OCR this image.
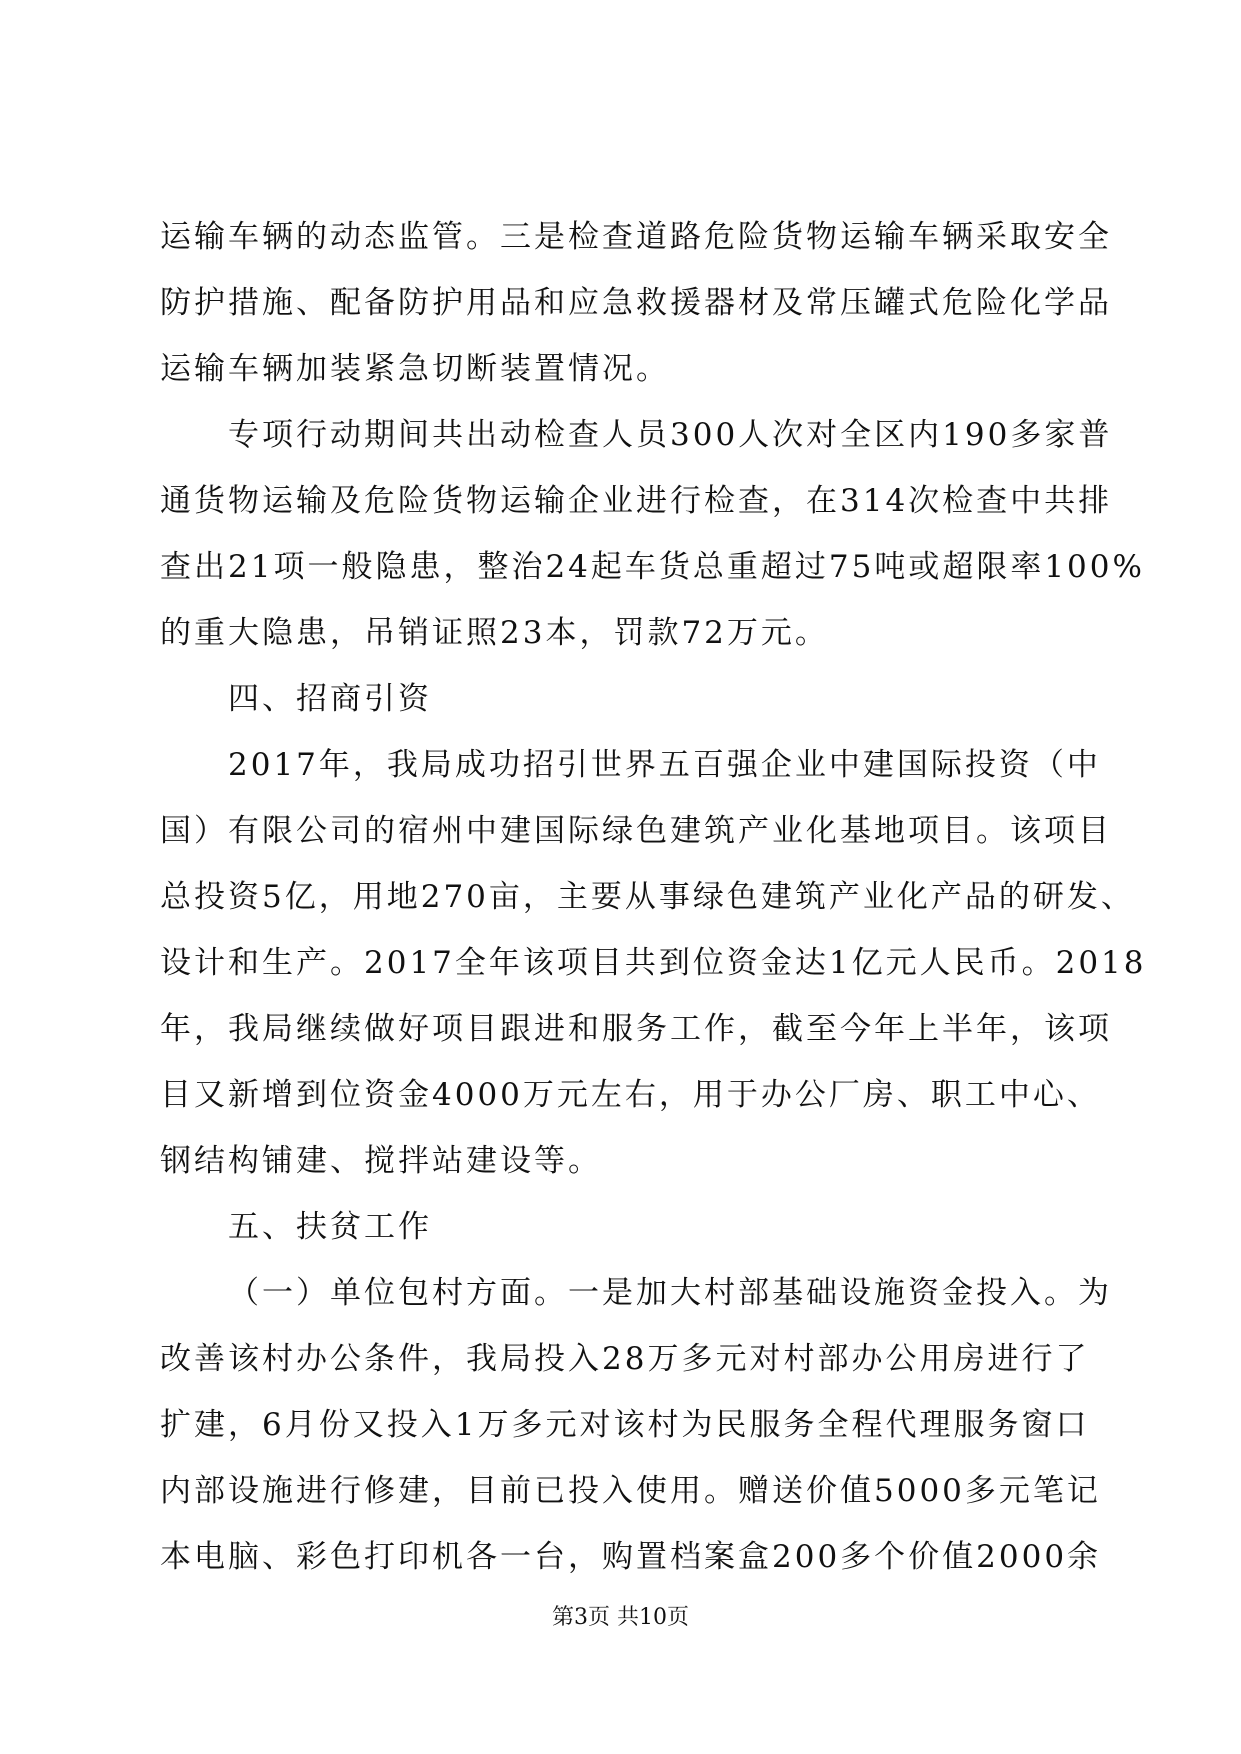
运输车辆的动态监管。三是检查道路危险货物运输车辆采取安全
防护措施、配备防护用品和应急救援器材及常压罐式危险化学品
运输车辆加装紧急切断装置情况。
专项行动期间共出动检查人员300人次对全区内190多家普
通货物运输及危险货物运输企业进行检查，在314次检查中共排
查出21项一般隐患，整治24起车货总重超过75吨或超限率100%
的重大隐患，吊销证照23本，罚款72万元。
四、招商引资
2017年，我局成功招引世界五百强企业中建国际投资（中
国）有限公司的宿州中建国际绿色建筑产业化基地项目。该项目
总投资5亿，用地270亩，主要从事绿色建筑产业化产品的研发、
设计和生产。2017全年该项目共到位资金达1亿元人民币。2018
年，我局继续做好项目跟进和服务工作，截至今年上半年，该项
目又新增到位资金4000万元左右，用于办公厂房、职工中心、
钢结构铺建、搅拌站建设等。
五、扶贫工作
（一）单位包村方面。一是加大村部基础设施资金投入。为
改善该村办公条件，我局投入28万多元对村部办公用房进行了
扩建，6月份又投入1万多元对该村为民服务全程代理服务窗口
内部设施进行修建，目前已投入使用。赠送价值5000多元笔记
本电脑、彩色打印机各一台，购置档案盒200多个价值2000余
第3页 共10页
